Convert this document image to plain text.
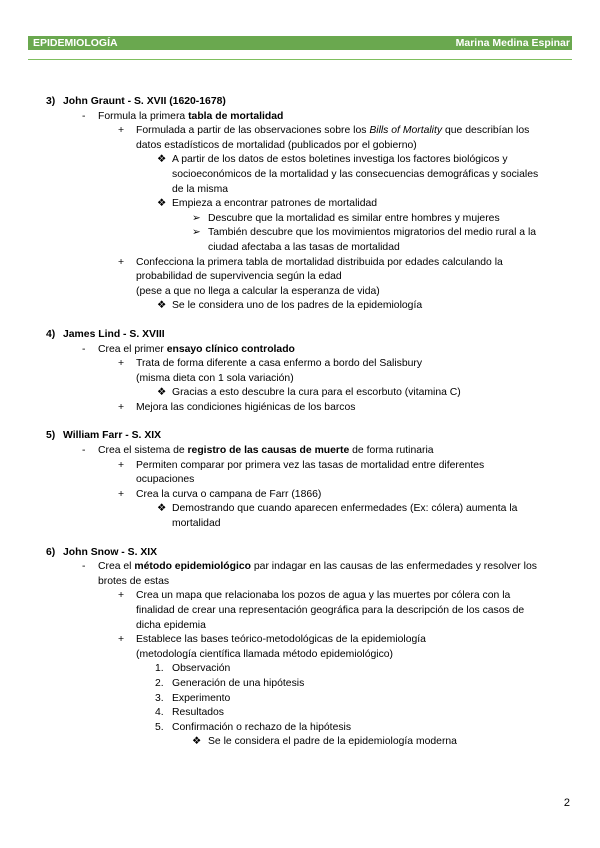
EPIDEMIOLOGÍA	Marina Medina Espinar

3) John Graunt - S. XVII (1620-1678)
- Formula la primera tabla de mortalidad
+ Formulada a partir de las observaciones sobre los Bills of Mortality que describían los
datos estadísticos de mortalidad (publicados por el gobierno)
❖ A partir de los datos de estos boletines investiga los factores biológicos y
socioeconómicos de la mortalidad y las consecuencias demográficas y sociales
de la misma
❖ Empieza a encontrar patrones de mortalidad
➢ Descubre que la mortalidad es similar entre hombres y mujeres
➢ También descubre que los movimientos migratorios del medio rural a la
ciudad afectaba a las tasas de mortalidad
+ Confecciona la primera tabla de mortalidad distribuida por edades calculando la
probabilidad de supervivencia según la edad
(pese a que no llega a calcular la esperanza de vida)
❖ Se le considera uno de los padres de la epidemiología

4) James Lind - S. XVIII
- Crea el primer ensayo clínico controlado
+ Trata de forma diferente a casa enfermo a bordo del Salisbury
(misma dieta con 1 sola variación)
❖ Gracias a esto descubre la cura para el escorbuto (vitamina C)
+ Mejora las condiciones higiénicas de los barcos

5) William Farr - S. XIX
- Crea el sistema de registro de las causas de muerte de forma rutinaria
+ Permiten comparar por primera vez las tasas de mortalidad entre diferentes
ocupaciones
+ Crea la curva o campana de Farr (1866)
❖ Demostrando que cuando aparecen enfermedades (Ex: cólera) aumenta la
mortalidad

6) John Snow - S. XIX
- Crea el método epidemiológico par indagar en las causas de las enfermedades y resolver los
brotes de estas
+ Crea un mapa que relacionaba los pozos de agua y las muertes por cólera con la
finalidad de crear una representación geográfica para la descripción de los casos de
dicha epidemia
+ Establece las bases teórico-metodológicas de la epidemiología
(metodología científica llamada método epidemiológico)
1. Observación
2. Generación de una hipótesis
3. Experimento
4. Resultados
5. Confirmación o rechazo de la hipótesis
❖ Se le considera el padre de la epidemiología moderna
2
